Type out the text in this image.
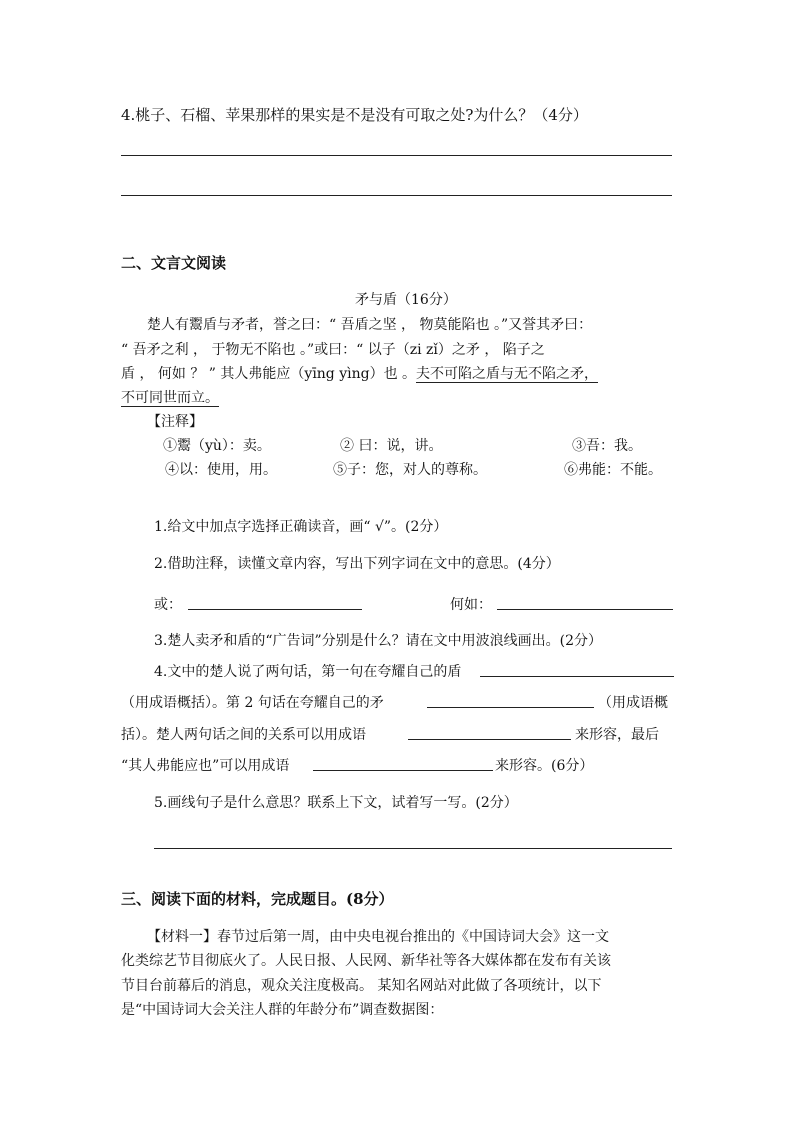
4.桃子、石榴、苹果那样的果实是不是没有可取之处?为什么？（4分）
二、文言文阅读
矛与盾（16分）
楚人有鬻盾与矛者，誉之曰：“ 吾盾之坚 ， 物莫能陷也 。”又誉其矛曰：
“ 吾矛之利 ， 于物无不陷也 。”或曰：“ 以子（zi zǐ）之矛 ， 陷子之
盾 ， 何如 ？ ” 其人弗能应（yīng yìng）也 。夫不可陷之盾与无不陷之矛，
不可同世而立。
【注释】
①鬻（yù）：卖。	② 曰：说，讲。	③吾：我。
④以：使用，用。	⑤子：您，对人的尊称。	⑥弗能：不能。
1.给文中加点字选择正确读音，画“ √”。(2分）
2.借助注释，读懂文章内容，写出下列字词在文中的意思。(4分）
或：	何如：
3.楚人卖矛和盾的“广告词”分别是什么？请在文中用波浪线画出。(2分）
4.文中的楚人说了两句话，第一句在夸耀自己的盾
（用成语概括）。第 2 句话在夸耀自己的矛	（用成语概
括）。楚人两句话之间的关系可以用成语	来形容，最后
“其人弗能应也”可以用成语	来形容。(6分）
5.画线句子是什么意思？联系上下文，试着写一写。(2分）
三、阅读下面的材料，完成题目。(8分）
【材料一】春节过后第一周，由中央电视台推出的《中国诗词大会》这一文
化类综艺节目彻底火了。人民日报、人民网、新华社等各大媒体都在发布有关该
节目台前幕后的消息，观众关注度极高。 某知名网站对此做了各项统计，以下
是“中国诗词大会关注人群的年龄分布”调查数据图：
